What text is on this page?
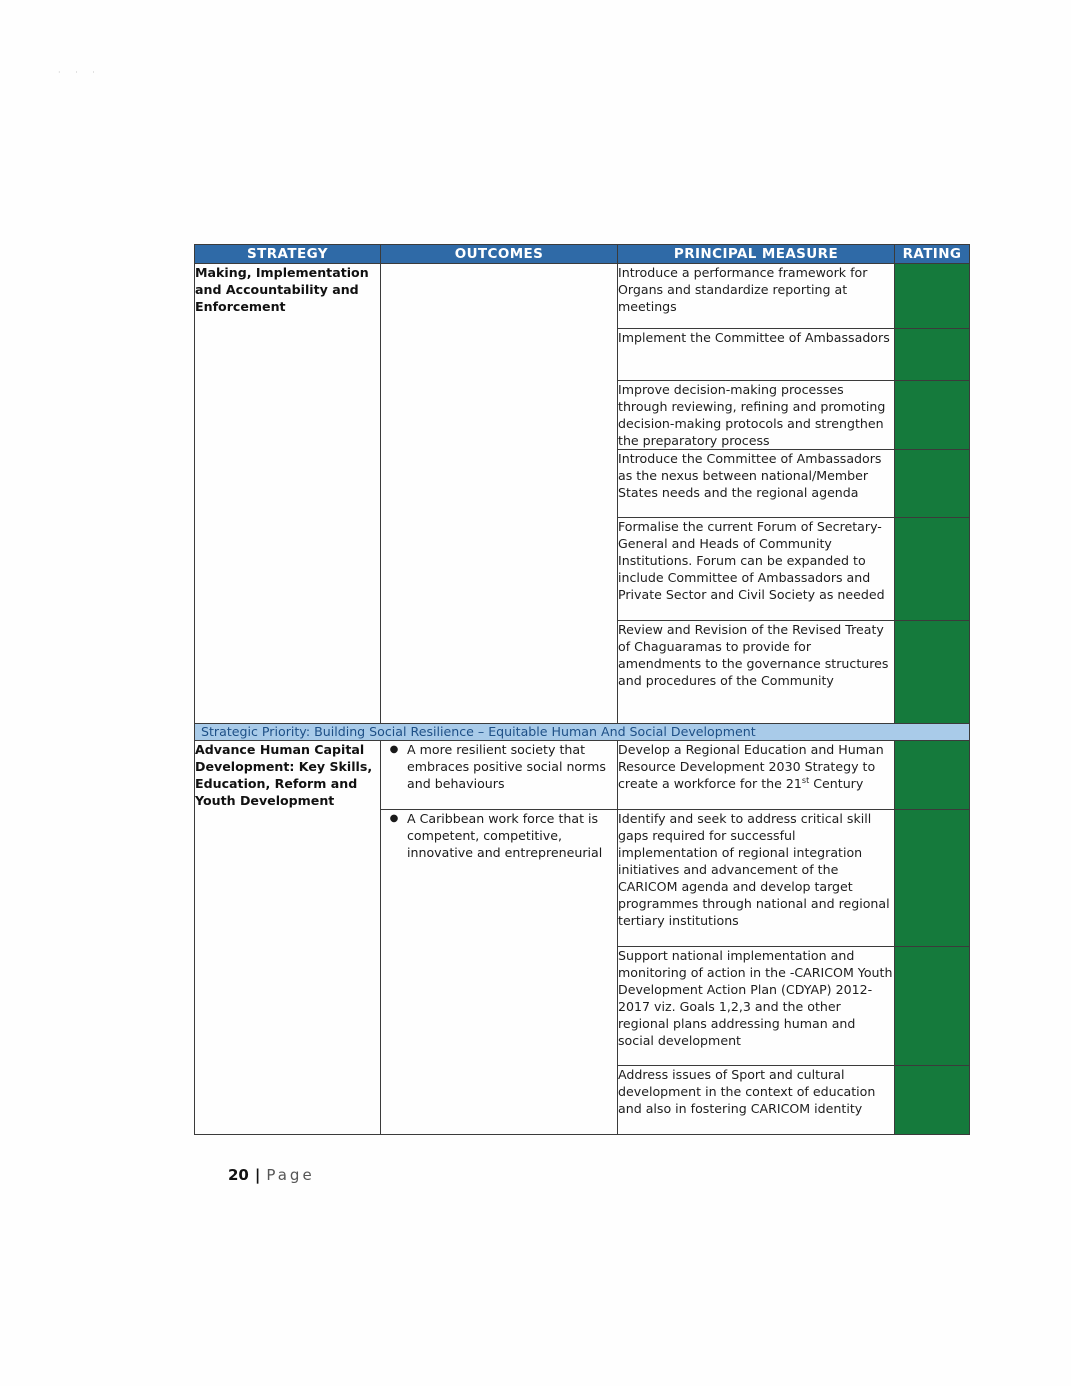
· · ·
STRATEGY	OUTCOMES	PRINCIPAL MEASURE	RATING
Making, Implementation and Accountability and Enforcement		Introduce a performance framework for Organs and standardize reporting at meetings	
		Implement the Committee of Ambassadors	
		Improve decision-making processes through reviewing, refining and promoting decision-making protocols and strengthen the preparatory process	
		Introduce the Committee of Ambassadors as the nexus between national/Member States needs and the regional agenda	
		Formalise the current Forum of Secretary-General and Heads of Community Institutions. Forum can be expanded to include Committee of Ambassadors and Private Sector and Civil Society as needed	
		Review and Revision of the Revised Treaty of Chaguaramas to provide for amendments to the governance structures and procedures of the Community	
Strategic Priority: Building Social Resilience – Equitable Human And Social Development			
Advance Human Capital Development: Key Skills, Education, Reform and Youth Development	● A more resilient society that embraces positive social norms and behaviours	Develop a Regional Education and Human Resource Development 2030 Strategy to create a workforce for the 21st Century	

	● A Caribbean work force that is competent, competitive, innovative and entrepreneurial	Identify and seek to address critical skill gaps required for successful implementation of regional integration initiatives and advancement of the CARICOM agenda and develop target programmes through national and regional tertiary institutions	
		Support national implementation and monitoring of action in the -CARICOM Youth Development Action Plan (CDYAP) 2012-2017 viz. Goals 1,2,3 and the other regional plans addressing human and social development	
		Address issues of Sport and cultural development in the context of education and also in fostering CARICOM identity	
20 | Page
